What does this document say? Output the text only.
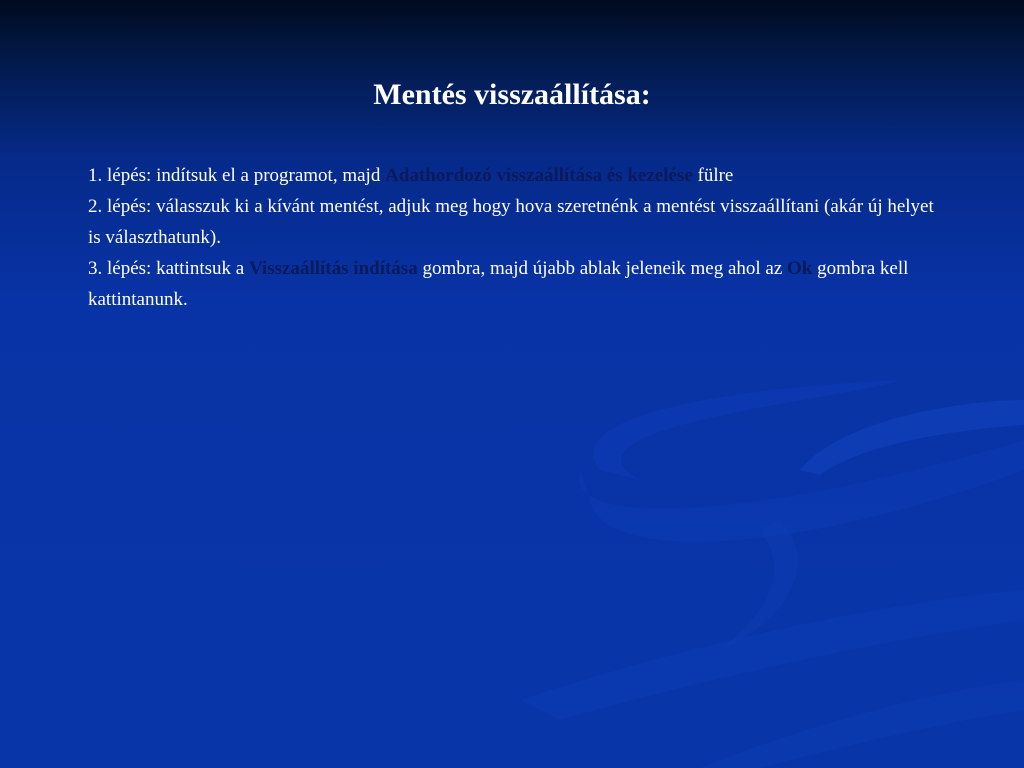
Mentés visszaállítása:

1. lépés: indítsuk el a programot, majd Adathordozó visszaállítása és kezelése fülre

2. lépés: válasszuk ki a kívánt mentést, adjuk meg hogy hova szeretnénk a mentést visszaállítani (akár új helyet is választhatunk).

3. lépés: kattintsuk a Visszaállítás indítása gombra, majd újabb ablak jeleneik meg ahol az Ok gombra kell kattintanunk.
